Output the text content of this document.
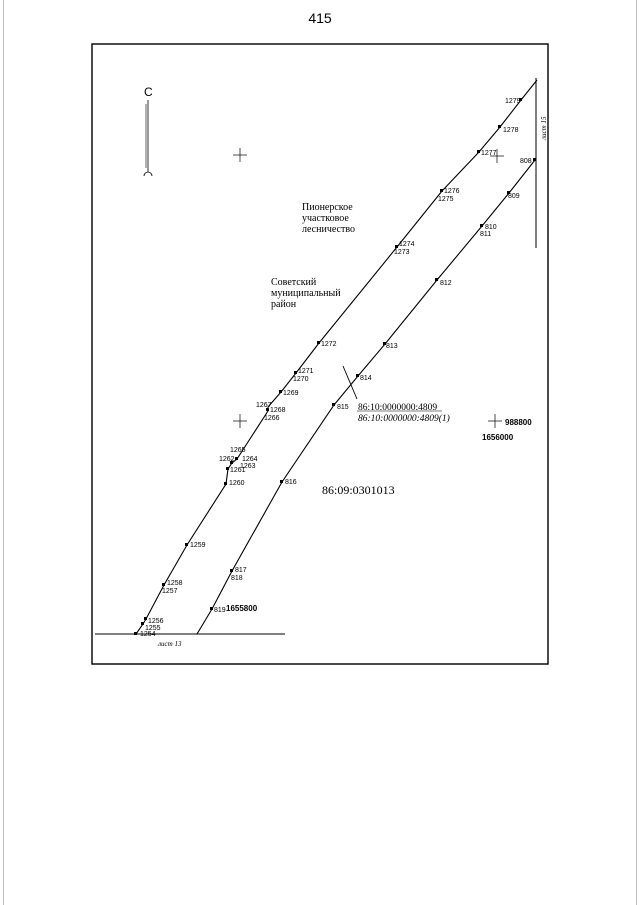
415
С
1279
1278
1277
1276
1275
1274
1273
1272
1271
1270
1269
1268
1267
1266
1265
1264
1263
1262
1261
1260
1259
1258
1257
1256
1255
1254
808
809
810
811
812
813
814
815
816
817
818
819
Пионерское
участковое
лесничество
Советский
муниципальный
район
86:10:0000000:4809
86:10:0000000:4809(1)
86:09:0301013
лист 13
лист 15
988800
1656000
1655800
